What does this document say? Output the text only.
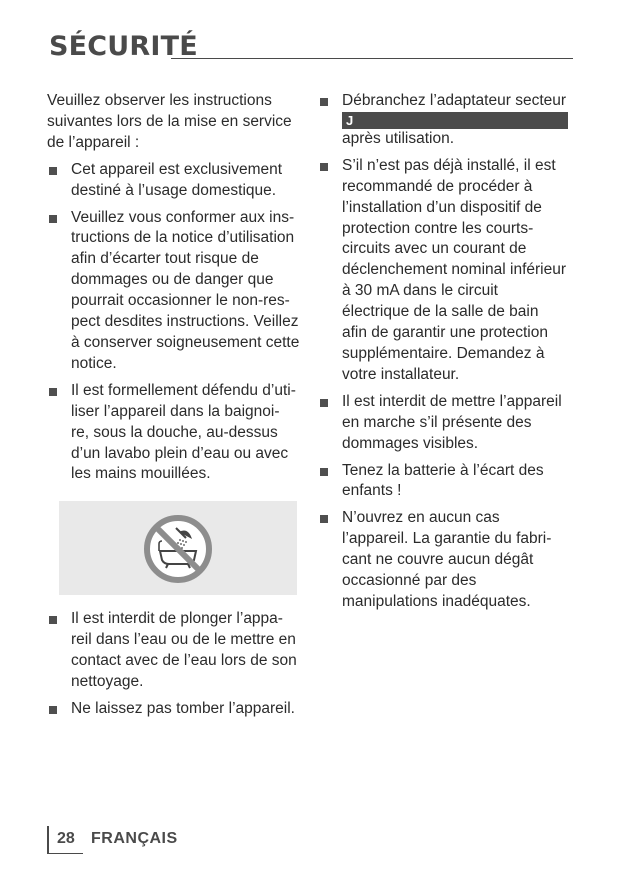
SÉCURITÉ

Veuillez observer les instructions
suivantes lors de la mise en service
de l’appareil :

Cet appareil est exclusivement
destiné à l’usage domestique.
Veuillez vous conformer aux ins-
tructions de la notice d’utilisation
afin d’écarter tout risque de
dommages ou de danger que
pourrait occasionner le non-res-
pect desdites instructions. Veillez
à conserver soigneusement cette
notice.
Il est formellement défendu d’uti-
liser l’appareil dans la baignoi-
re, sous la douche, au-dessus
d’un lavabo plein d’eau ou avec
les mains mouillées.
Il est interdit de plonger l’appa-
reil dans l’eau ou de le mettre en
contact avec de l’eau lors de son
nettoyage.
Ne laissez pas tomber l’appareil.
Débranchez l’adaptateur secteur
J
après utilisation.
S’il n’est pas déjà installé, il est
recommandé de procéder à
l’installation d’un dispositif de
protection contre les courts-
circuits avec un courant de
déclenchement nominal inférieur
à 30 mA dans le circuit
électrique de la salle de bain
afin de garantir une protection
supplémentaire. Demandez à
votre installateur.
Il est interdit de mettre l’appareil
en marche s’il présente des
dommages visibles.
Tenez la batterie à l’écart des
enfants !
N’ouvrez en aucun cas
l’appareil. La garantie du fabri-
cant ne couvre aucun dégât
occasionné par des
manipulations inadéquates.
28 FRANÇAIS
